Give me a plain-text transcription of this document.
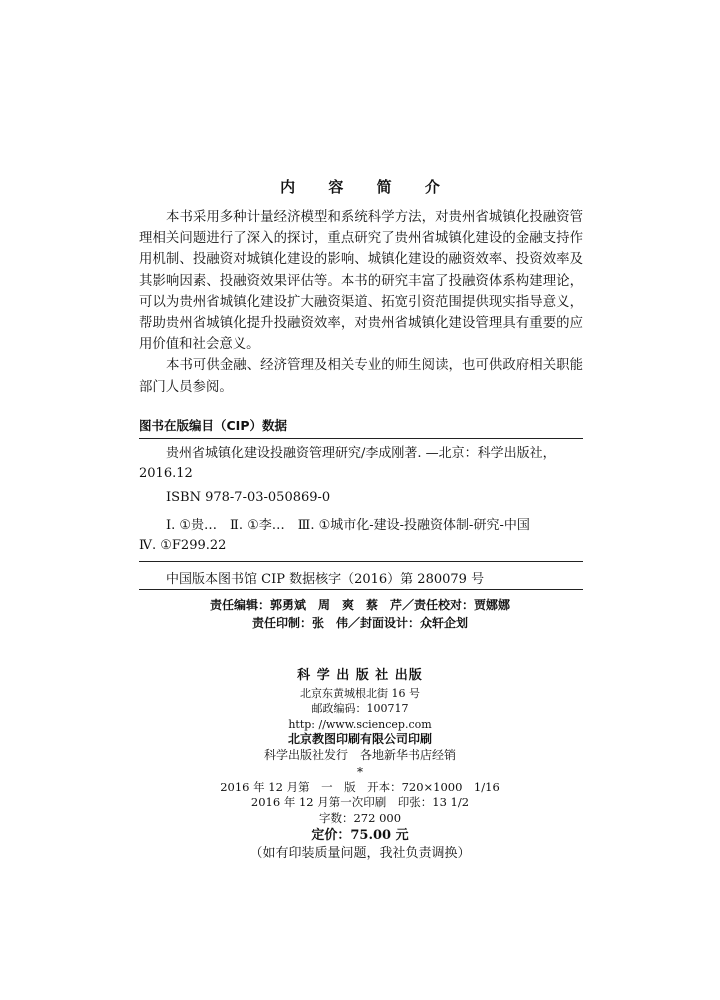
内 容 简 介

本书采用多种计量经济模型和系统科学方法，对贵州省城镇化投融资管理相关问题进行了深入的探讨，重点研究了贵州省城镇化建设的金融支持作用机制、投融资对城镇化建设的影响、城镇化建设的融资效率、投资效率及其影响因素、投融资效果评估等。本书的研究丰富了投融资体系构建理论，可以为贵州省城镇化建设扩大融资渠道、拓宽引资范围提供现实指导意义，帮助贵州省城镇化提升投融资效率，对贵州省城镇化建设管理具有重要的应用价值和社会意义。

本书可供金融、经济管理及相关专业的师生阅读，也可供政府相关职能部门人员参阅。

图书在版编目（CIP）数据

贵州省城镇化建设投融资管理研究/李成刚著. —北京：科学出版社，2016.12

ISBN 978-7-03-050869-0

Ⅰ. ①贵…　Ⅱ. ①李…　Ⅲ. ①城市化-建设-投融资体制-研究-中国

Ⅳ. ①F299.22

中国版本图书馆 CIP 数据核字（2016）第 280079 号
责任编辑：郭勇斌　周　爽　蔡　芹／责任校对：贾娜娜
责任印制：张　伟／封面设计：众轩企划
科 学 出 版 社 出版
北京东黄城根北街 16 号
邮政编码：100717
http: //www.sciencep.com
北京教图印刷有限公司印刷
科学出版社发行　各地新华书店经销
*
2016 年 12 月第　一　版　开本：720×1000　1/16
2016 年 12 月第一次印刷　印张：13 1/2
字数：272 000
定价：75.00 元
（如有印装质量问题，我社负责调换）
